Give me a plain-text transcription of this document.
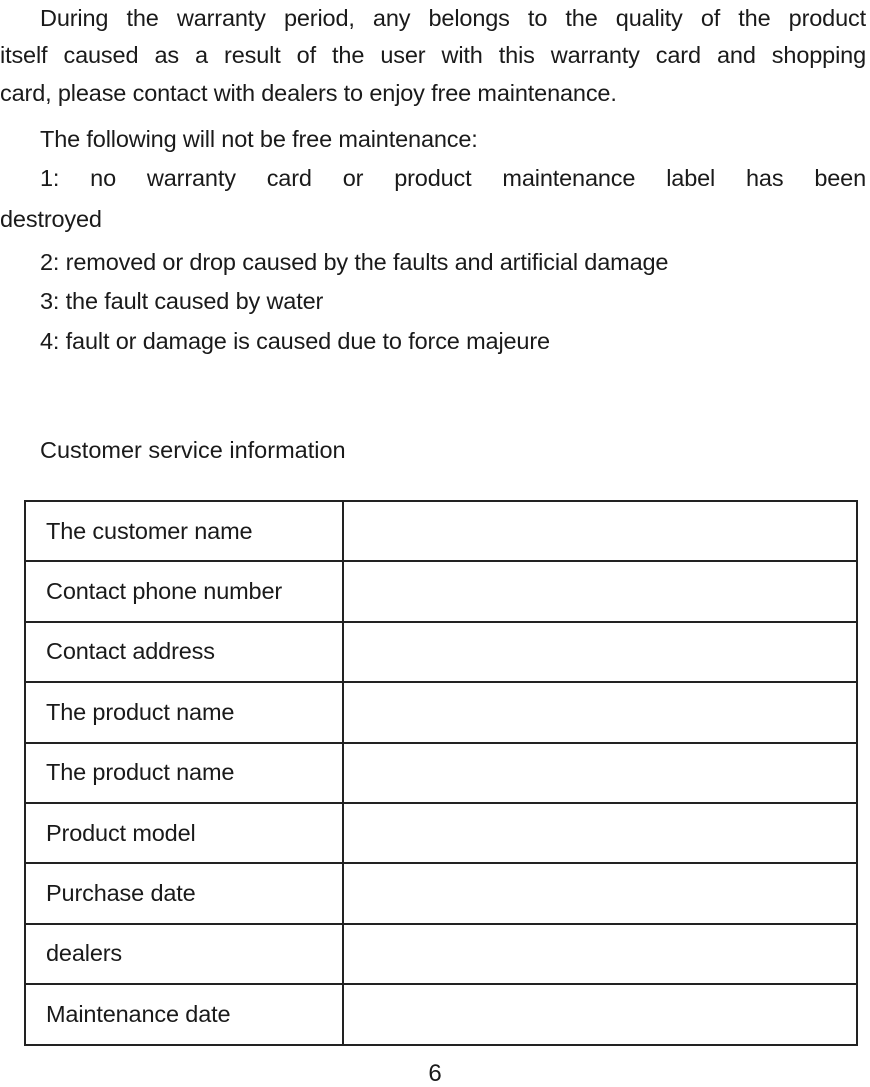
During the warranty period, any belongs to the quality of the product
itself caused as a result of the user with this warranty card and shopping
card, please contact with dealers to enjoy free maintenance.
The following will not be free maintenance:
1: no warranty card or product maintenance label has been
destroyed
2: removed or drop caused by the faults and artificial damage
3: the fault caused by water
4: fault or damage is caused due to force majeure
Customer service information
The customer name	
Contact phone number	
Contact address	
The product name	
The product name	
Product model	
Purchase date	
dealers	
Maintenance date	
6
